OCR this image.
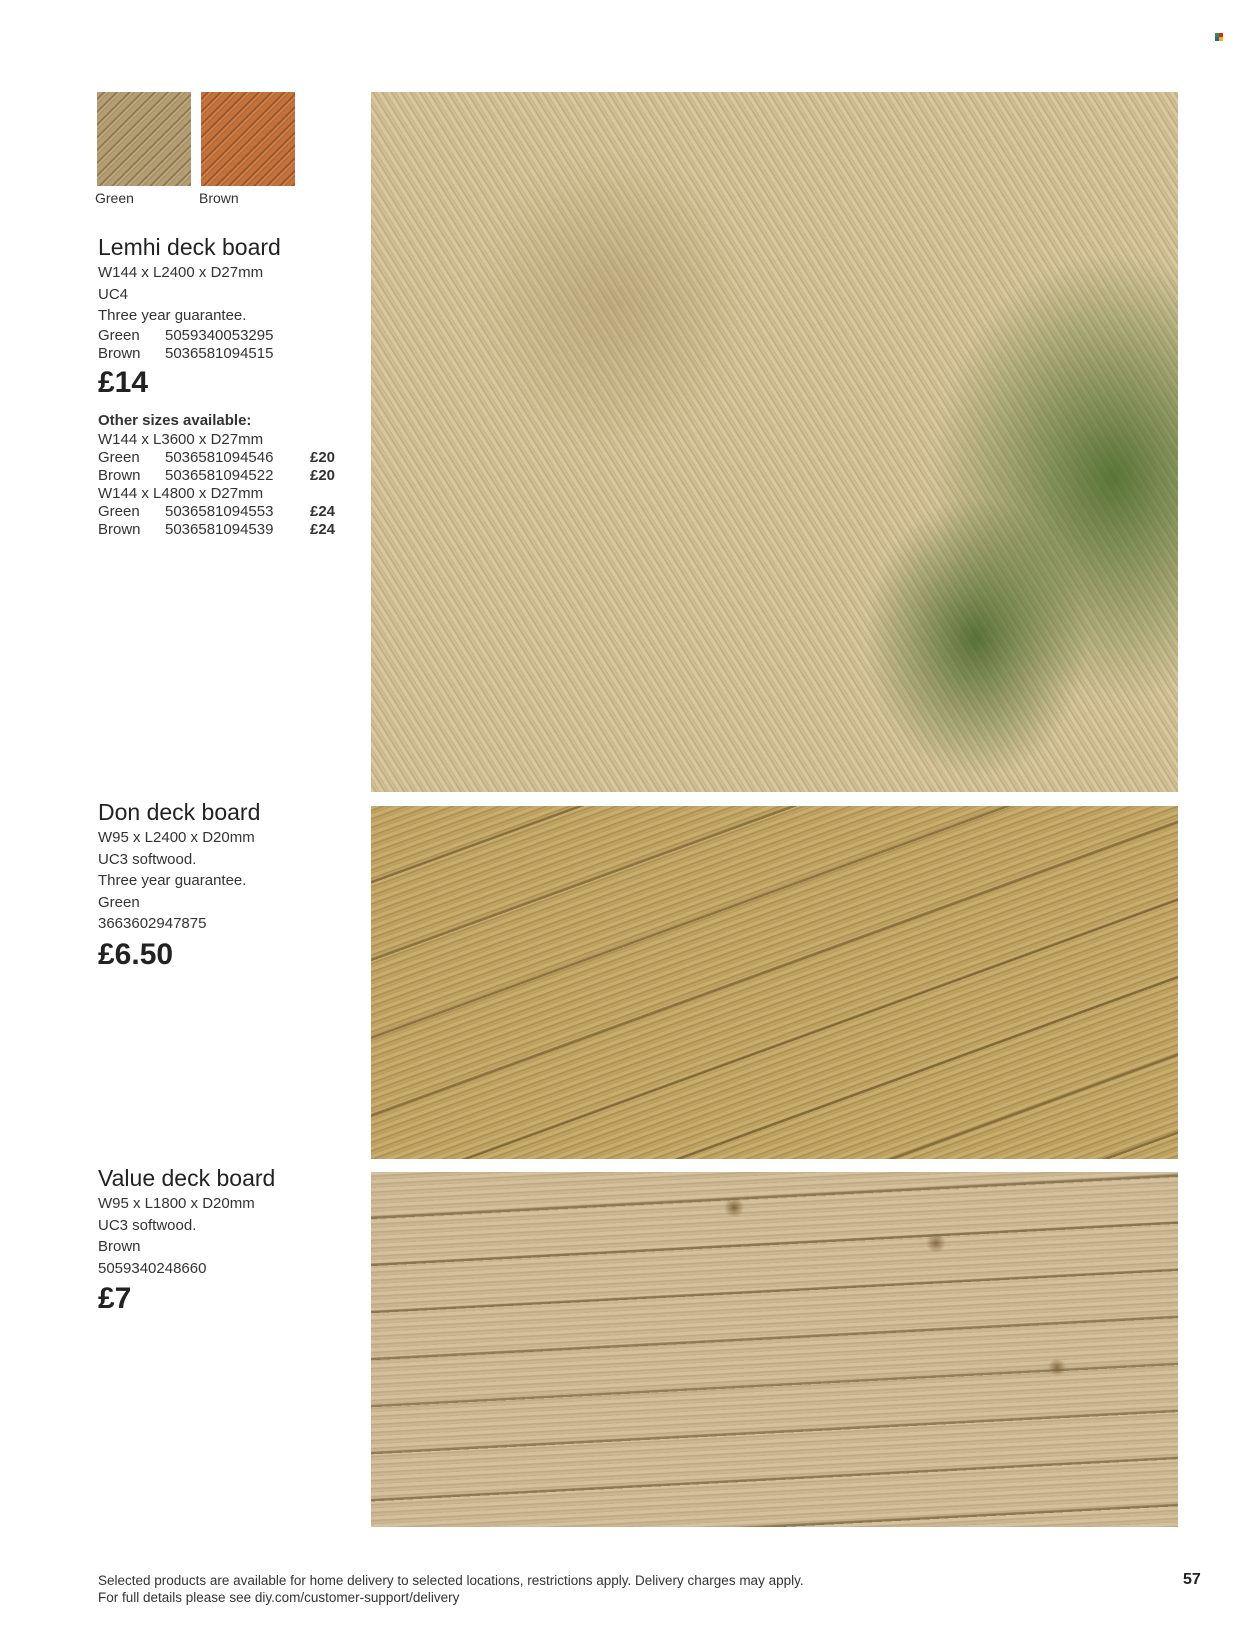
Green	Brown
Lemhi deck board
W144 x L2400 x D27mm
UC4
Three year guarantee.
Green	5059340053295
Brown	5036581094515
£14
Other sizes available:
W144 x L3600 x D27mm
Green	5036581094546	£20
Brown	5036581094522	£20
W144 x L4800 x D27mm
Green	5036581094553	£24
Brown	5036581094539	£24
Don deck board
W95 x L2400 x D20mm
UC3 softwood.
Three year guarantee.
Green
3663602947875
£6.50
Value deck board
W95 x L1800 x D20mm
UC3 softwood.
Brown
5059340248660
£7
Selected products are available for home delivery to selected locations, restrictions apply. Delivery charges may apply.
For full details please see diy.com/customer-support/delivery
57
